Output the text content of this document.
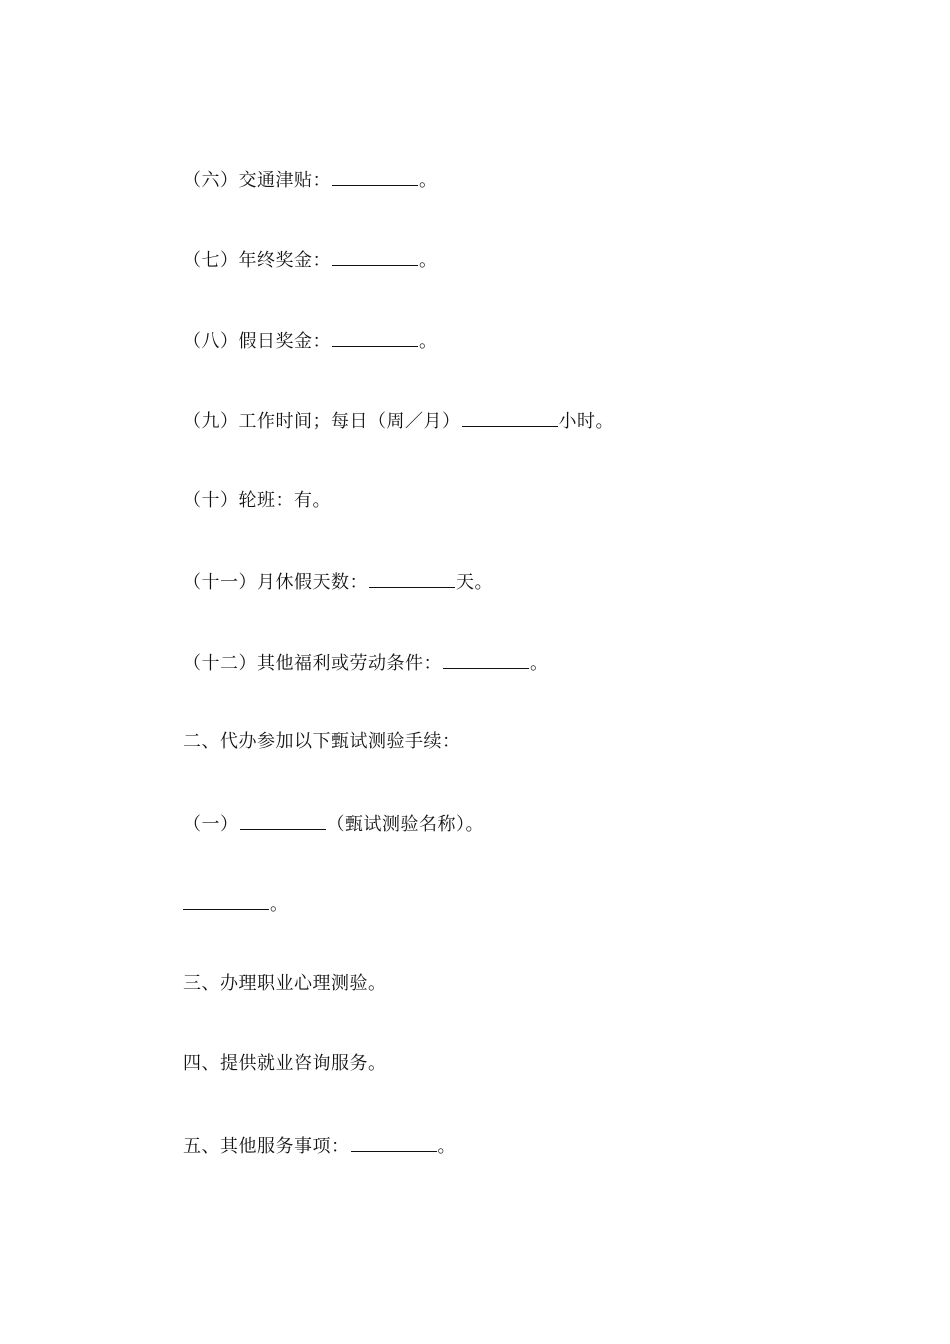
（六）交通津贴：	。
（七）年终奖金：	。
（八）假日奖金：	。
（九）工作时间；每日（周／月）	小时。
（十）轮班：有。
（十一）月休假天数：	天。
（十二）其他福利或劳动条件：	。
二、代办参加以下甄试测验手续：
（一）	（甄试测验名称）。
。
三、办理职业心理测验。
四、提供就业咨询服务。
五、其他服务事项：	。
